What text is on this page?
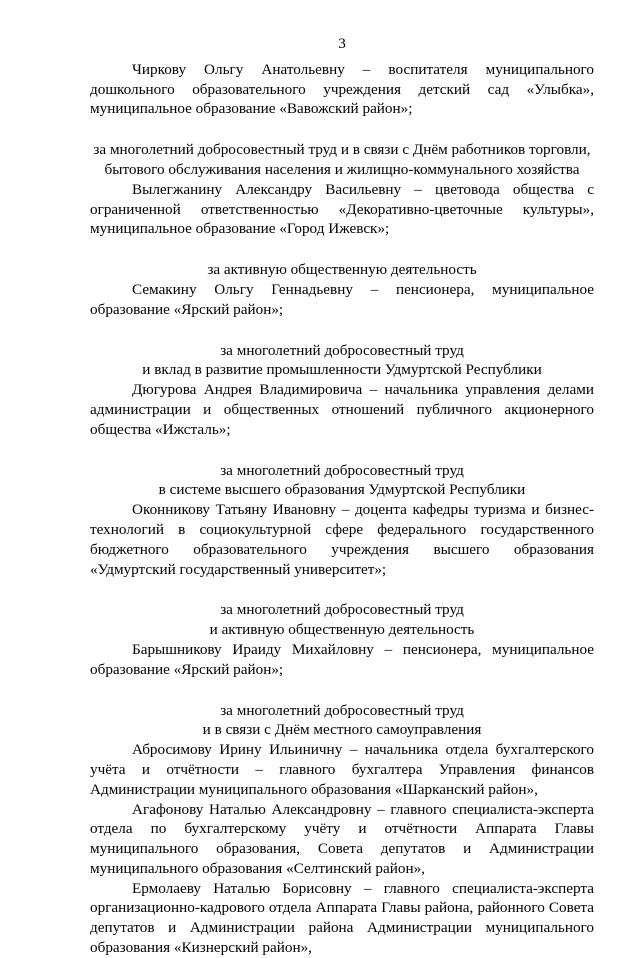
3

Чиркову Ольгу Анатольевну – воспитателя муниципального дошкольного образовательного учреждения детский сад «Улыбка», муниципальное образование «Вавожский район»;

за многолетний добросовестный труд и в связи с Днём работников торговли,

бытового обслуживания населения и жилищно-коммунального хозяйства

Вылегжанину Александру Васильевну – цветовода общества с ограниченной ответственностью «Декоративно-цветочные культуры», муниципальное образование «Город Ижевск»;

за активную общественную деятельность

Семакину Ольгу Геннадьевну – пенсионера, муниципальное образование «Ярский район»;

за многолетний добросовестный труд

и вклад в развитие промышленности Удмуртской Республики

Дюгурова Андрея Владимировича – начальника управления делами администрации и общественных отношений публичного акционерного общества «Ижсталь»;

за многолетний добросовестный труд

в системе высшего образования Удмуртской Республики

Оконникову Татьяну Ивановну – доцента кафедры туризма и бизнес-технологий в социокультурной сфере федерального государственного бюджетного образовательного учреждения высшего образования «Удмуртский государственный университет»;

за многолетний добросовестный труд

и активную общественную деятельность

Барышникову Ираиду Михайловну – пенсионера, муниципальное образование «Ярский район»;

за многолетний добросовестный труд

и в связи с Днём местного самоуправления

Абросимову Ирину Ильиничну – начальника отдела бухгалтерского учёта и отчётности – главного бухгалтера Управления финансов Администрации муниципального образования «Шарканский район»,

Агафонову Наталью Александровну – главного специалиста-эксперта отдела по бухгалтерскому учёту и отчётности Аппарата Главы муниципального образования, Совета депутатов и Администрации муниципального образования «Селтинский район»,

Ермолаеву Наталью Борисовну – главного специалиста-эксперта организационно-кадрового отдела Аппарата Главы района, районного Совета депутатов и Администрации района Администрации муниципального образования «Кизнерский район»,
